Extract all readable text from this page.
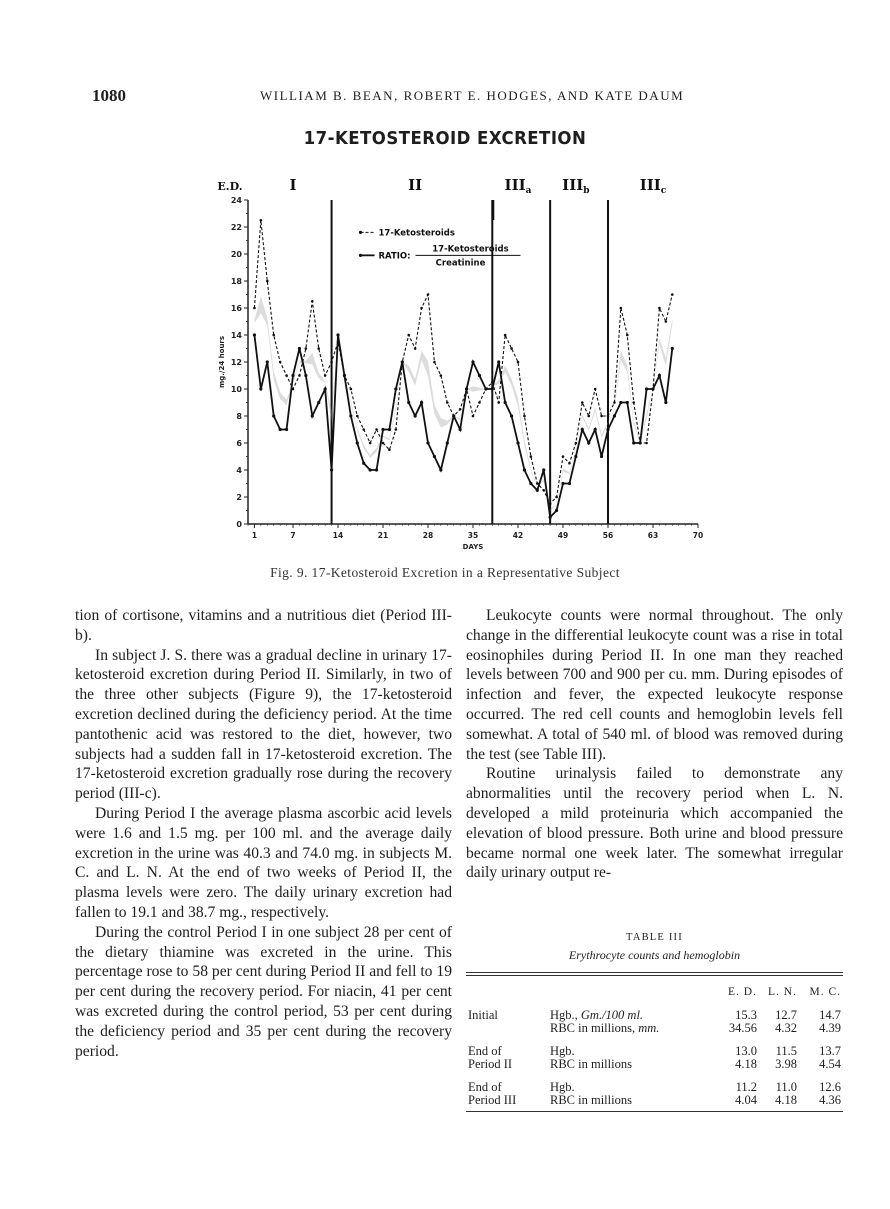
1080	WILLIAM B. BEAN, ROBERT E. HODGES, AND KATE DAUM
17-KETOSTEROID EXCRETION
0
2
4
6
8
10
12
14
16
18
20
22
24
1	7	14	21	28	35	42	49	56	63	70
DAYS
mg./24 hours
E.D.	I	II	$III_a$ $III_b$	$III_c$
17-Ketosteroids
RATIO:
17-Ketosteroids
Creatinine
Fig. 9. 17-Ketosteroid Excretion in a Representative Subject

tion of cortisone, vitamins and a nutritious diet (Period III-b).

In subject J. S. there was a gradual decline in urinary 17-ketosteroid excretion during Period II. Similarly, in two of the three other subjects (Figure 9), the 17-ketosteroid excretion declined during the deficiency period. At the time pantothenic acid was restored to the diet, however, two subjects had a sudden fall in 17-ketosteroid excretion. The 17-ketosteroid excretion gradually rose during the recovery period (III-c).

During Period I the average plasma ascorbic acid levels were 1.6 and 1.5 mg. per 100 ml. and the average daily excretion in the urine was 40.3 and 74.0 mg. in subjects M. C. and L. N. At the end of two weeks of Period II, the plasma levels were zero. The daily urinary excretion had fallen to 19.1 and 38.7 mg., respectively.

During the control Period I in one subject 28 per cent of the dietary thiamine was excreted in the urine. This percentage rose to 58 per cent during Period II and fell to 19 per cent during the recovery period. For niacin, 41 per cent was excreted during the control period, 53 per cent during the deficiency period and 35 per cent during the recovery period.

Leukocyte counts were normal throughout. The only change in the differential leukocyte count was a rise in total eosinophiles during Period II. In one man they reached levels between 700 and 900 per cu. mm. During episodes of infection and fever, the expected leukocyte response occurred. The red cell counts and hemoglobin levels fell somewhat. A total of 540 ml. of blood was removed during the test (see Table III).

Routine urinalysis failed to demonstrate any abnormalities until the recovery period when L. N. developed a mild proteinuria which accompanied the elevation of blood pressure. Both urine and blood pressure became normal one week later. The somewhat irregular daily urinary output re-

TABLE III
Erythrocyte counts and hemoglobin
		E. D.	L. N.	M. C.
Initial	Hgb., Gm./100 ml.	15.3	12.7	14.7
	RBC in millions, mm.	34.56	4.32	4.39
End of	Hgb.	13.0	11.5	13.7
Period II	RBC in millions	4.18	3.98	4.54
End of	Hgb.	11.2	11.0	12.6
Period III	RBC in millions	4.04	4.18	4.36
